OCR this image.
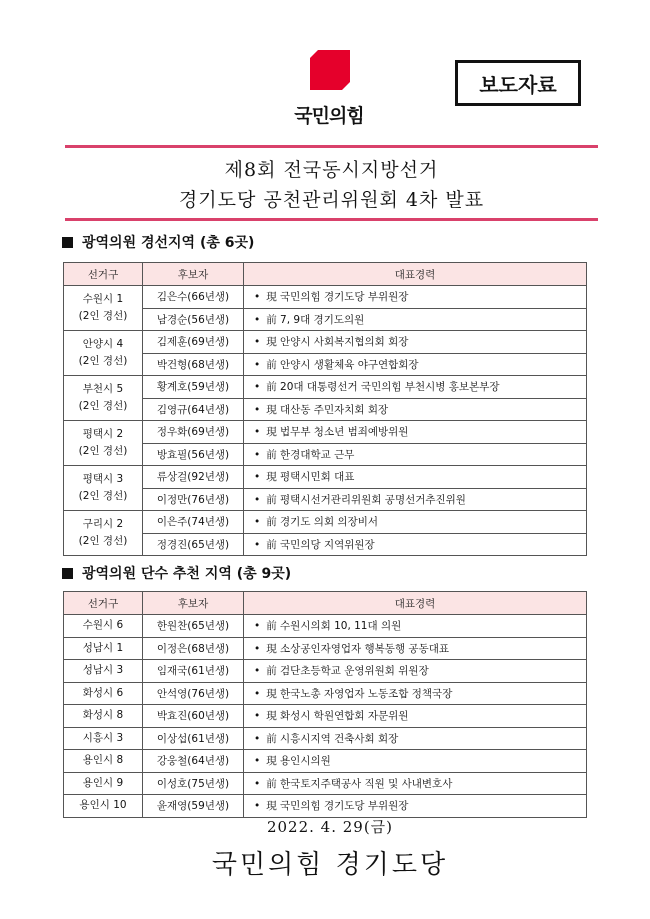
국민의힘
보도자료
제8회 전국동시지방선거
경기도당 공천관리위원회 4차 발표
광역의원 경선지역 (총 6곳)
선거구	후보자	대표경력

수원시 1
(2인 경선)	김은수(66년생)	• 現 국민의힘 경기도당 부위원장
	남경순(56년생)	• 前 7, 9대 경기도의원

안양시 4
(2인 경선)	김제훈(69년생)	• 現 안양시 사회복지협의회 회장
	박건형(68년생)	• 前 안양시 생활체육 야구연합회장

부천시 5
(2인 경선)	황계호(59년생)	• 前 20대 대통령선거 국민의힘 부천시병 홍보본부장
	김영규(64년생)	• 現 대산동 주민자치회 회장

평택시 2
(2인 경선)	정우화(69년생)	• 現 법무부 청소년 범죄예방위원
	방효필(56년생)	• 前 한경대학교 근무

평택시 3
(2인 경선)	류상걸(92년생)	• 現 평택시민회 대표
	이정만(76년생)	• 前 평택시선거관리위원회 공명선거추진위원

구리시 2
(2인 경선)	이은주(74년생)	• 前 경기도 의회 의장비서
	정경진(65년생)	• 前 국민의당 지역위원장
광역의원 단수 추천 지역 (총 9곳)
선거구	후보자	대표경력
수원시 6	한원찬(65년생)	• 前 수원시의회 10, 11대 의원
성남시 1	이정은(68년생)	• 現 소상공인자영업자 행복동행 공동대표
성남시 3	임재국(61년생)	• 前 검단초등학교 운영위원회 위원장
화성시 6	안석영(76년생)	• 現 한국노총 자영업자 노동조합 정책국장
화성시 8	박효진(60년생)	• 現 화성시 학원연합회 자문위원
시흥시 3	이상섭(61년생)	• 前 시흥시지역 건축사회 회장
용인시 8	강웅철(64년생)	• 現 용인시의원
용인시 9	이성호(75년생)	• 前 한국토지주택공사 직원 및 사내변호사
용인시 10	윤재영(59년생)	• 現 국민의힘 경기도당 부위원장
2022. 4. 29(금)
국민의힘 경기도당
